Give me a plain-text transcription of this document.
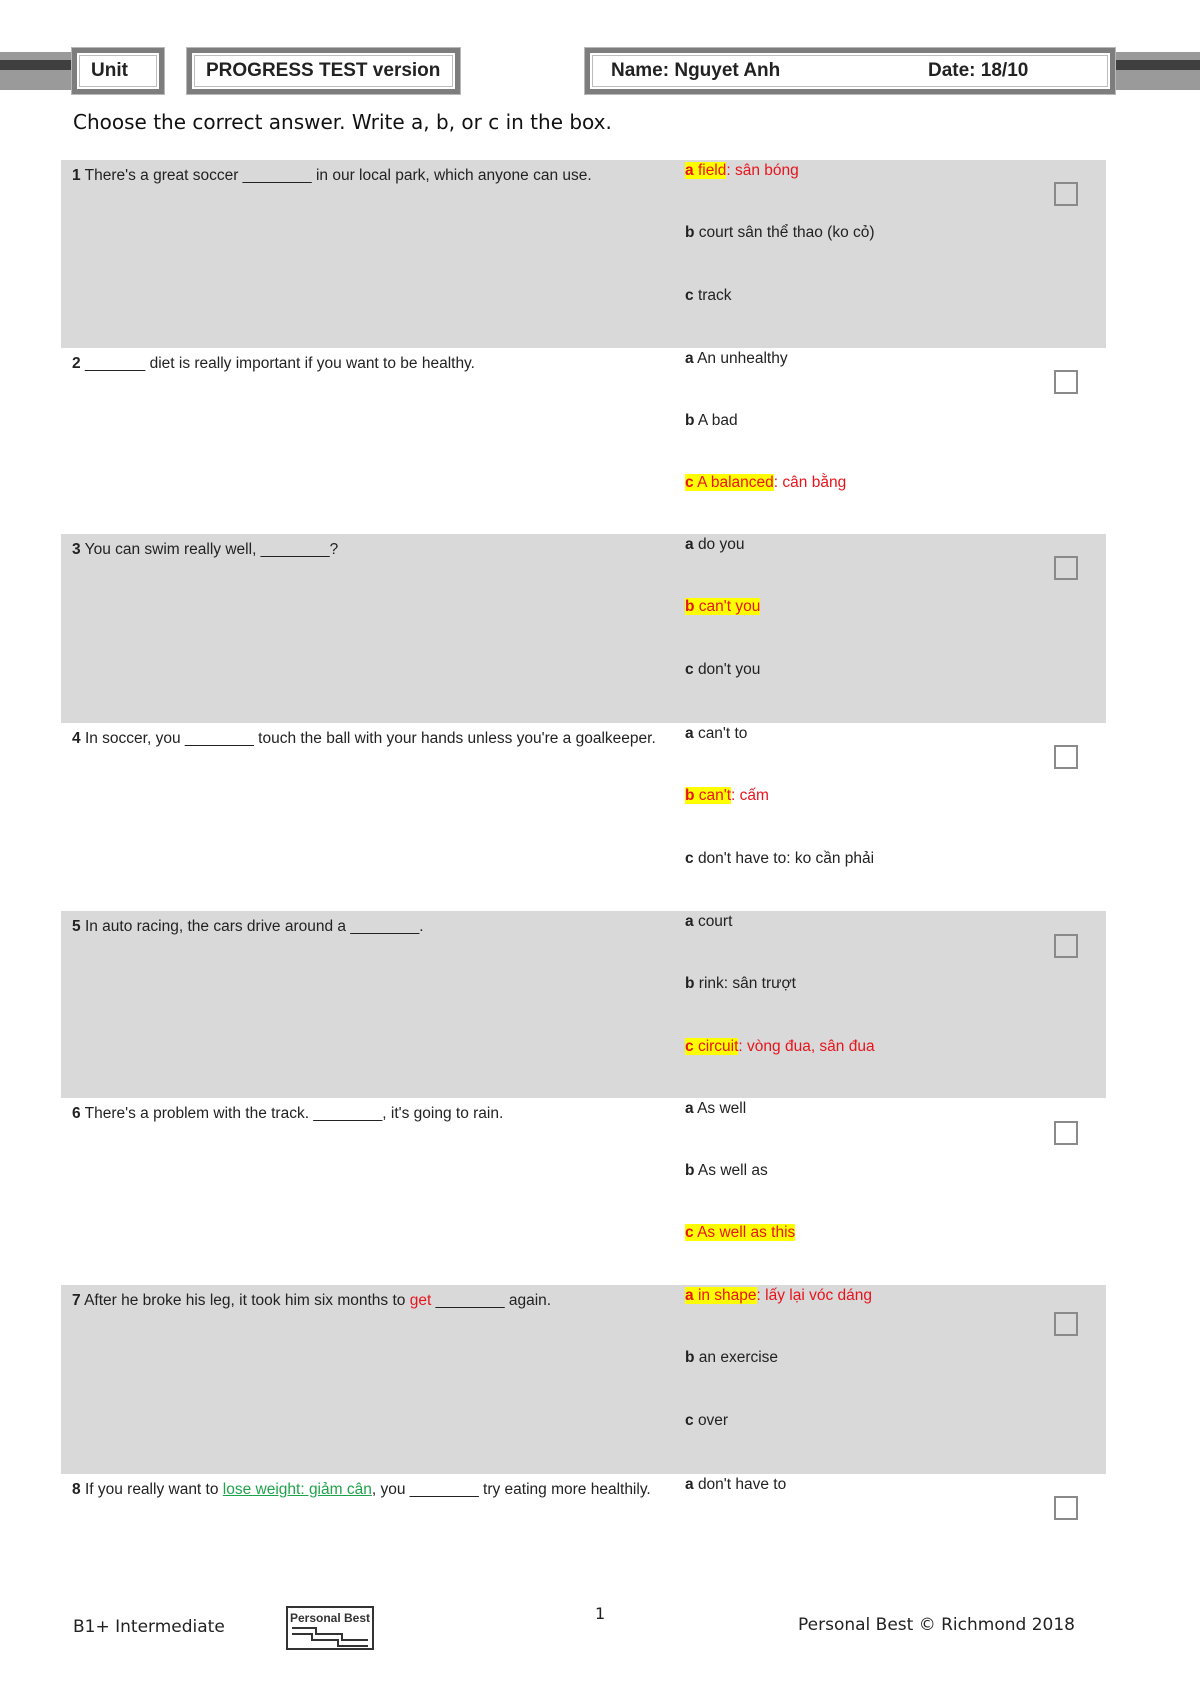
Unit	PROGRESS TEST version	Name: Nguyet Anh	Date: 18/10
Choose the correct answer. Write a, b, or c in the box.
1 There's a great soccer ________ in our local park, which anyone can use.	a field: sân bóng
b court sân thể thao (ko cỏ)
c track
2 _______ diet is really important if you want to be healthy.	a An unhealthy
b A bad
c A balanced: cân bằng
3 You can swim really well, ________?	a do you
b can't you
c don't you
4 In soccer, you ________ touch the ball with your hands unless you're a goalkeeper.	a can't to
b can't: cấm
c don't have to: ko cần phải
5 In auto racing, the cars drive around a ________.	a court
b rink: sân trượt
c circuit: vòng đua, sân đua
6 There's a problem with the track. ________, it's going to rain.	a As well
b As well as
c As well as this
7 After he broke his leg, it took him six months to get ________ again.	a in shape: lấy lại vóc dáng
b an exercise
c over
8 If you really want to lose weight: giảm cân, you ________ try eating more healthily.	a don't have to
B1+ Intermediate	Personal Best	1
Personal Best © Richmond 2018
